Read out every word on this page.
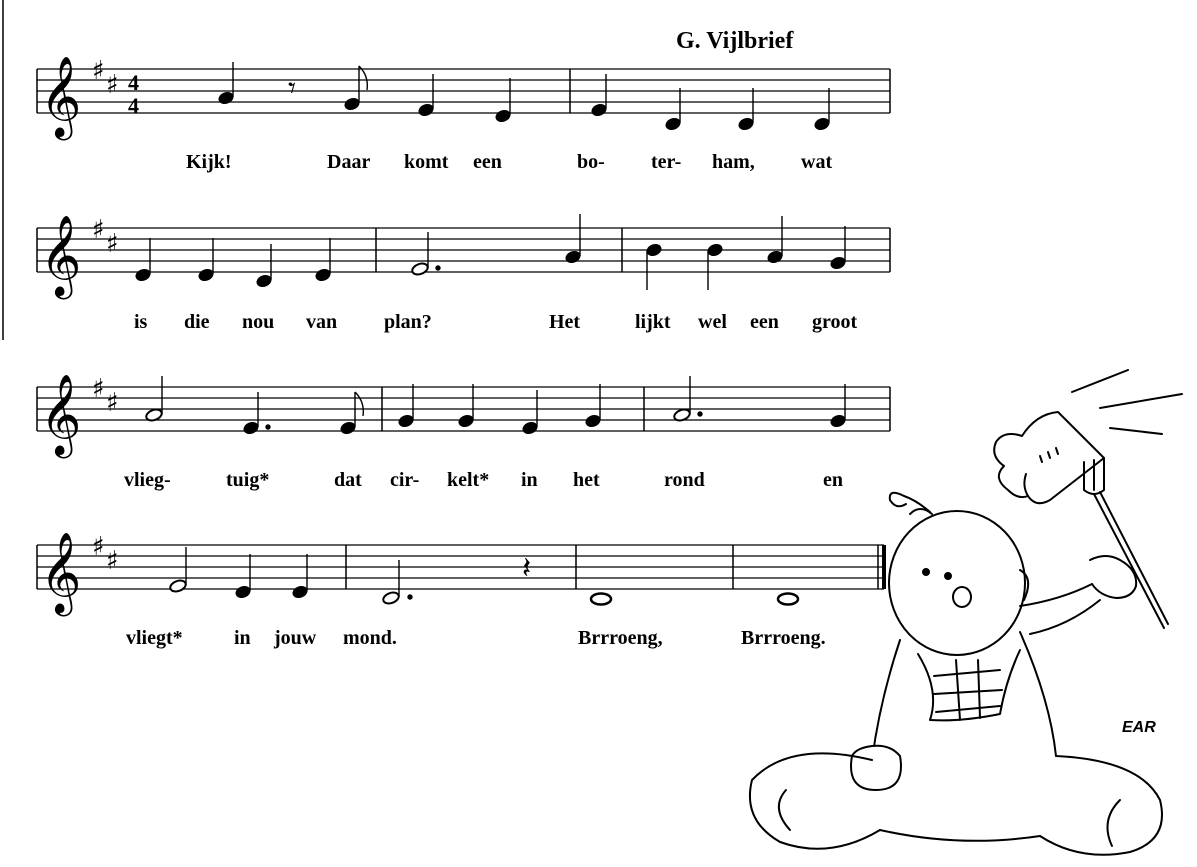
G. Vijlbrief
𝄞 ♯ ♯ 4
4	𝄾
Kijk!	Daar komt een	bo- ter- ham, wat
𝄞 ♯ ♯
is die nou van plan?	Het	lijkt wel een groot
𝄞 ♯ ♯
vlieg-	tuig*	dat cir- kelt* in het	rond	en
𝄞 ♯ ♯	𝄽
vliegt*	in jouw mond.	Brrroeng,	Brrroeng.
EAR
